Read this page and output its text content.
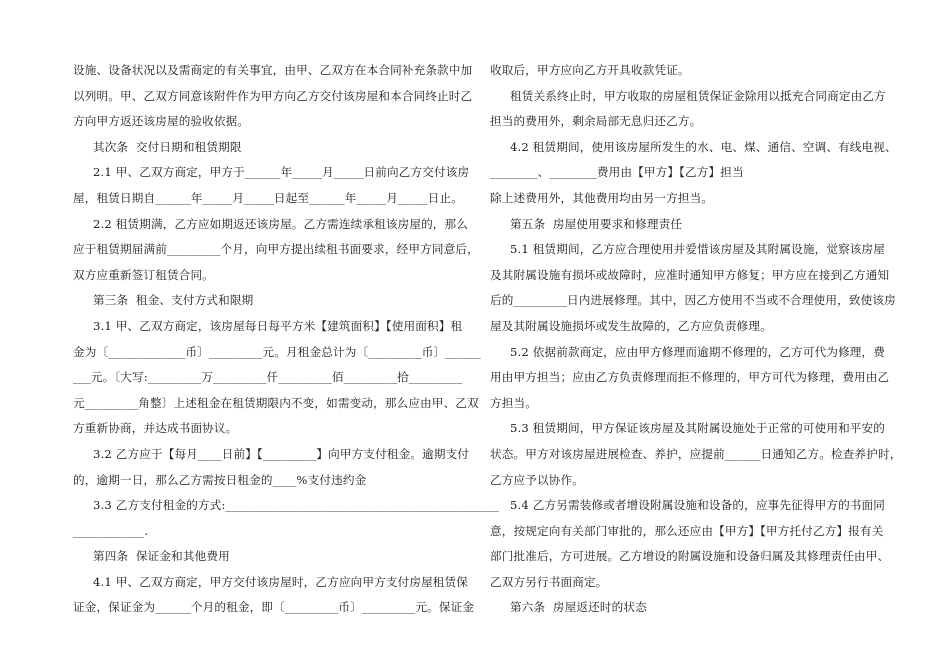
设施、设备状况以及需商定的有关事宜，由甲、乙双方在本合同补充条款中加
以列明。甲、乙双方同意该附件作为甲方向乙方交付该房屋和本合同终止时乙
方向甲方返还该房屋的验收依据。
其次条  交付日期和租赁期限
2.1 甲、乙双方商定，甲方于______年_____月_____日前向乙方交付该房
屋，租赁日期自______年_____月_____日起至______年_____月_____日止。
2.2 租赁期满，乙方应如期返还该房屋。乙方需连续承租该房屋的，那么
应于租赁期届满前_________个月，向甲方提出续租书面要求，经甲方同意后，
双方应重新签订租赁合同。
第三条  租金、支付方式和限期
3.1 甲、乙双方商定，该房屋每日每平方米【建筑面积】【使用面积】租
金为〔_____________币〕_________元。月租金总计为〔_________币〕______
___元。〔大写:_________万_________仟_________佰_________拾_________
元_________角整〕上述租金在租赁期限内不变，如需变动，那么应由甲、乙双
方重新协商，并达成书面协议。
3.2 乙方应于【每月____日前】【_________】向甲方支付租金。逾期支付
的，逾期一日，那么乙方需按日租金的____%支付违约金
3.3 乙方支付租金的方式:______________________________________________
____________.
第四条  保证金和其他费用
4.1 甲、乙双方商定，甲方交付该房屋时，乙方应向甲方支付房屋租赁保
证金，保证金为______个月的租金，即〔_________币〕_________元。保证金
收取后，甲方应向乙方开具收款凭证。
租赁关系终止时，甲方收取的房屋租赁保证金除用以抵充合同商定由乙方
担当的费用外，剩余局部无息归还乙方。
4.2 租赁期间，使用该房屋所发生的水、电、煤、通信、空调、有线电视、
________、________费用由【甲方】【乙方】担当
除上述费用外，其他费用均由另一方担当。
第五条  房屋使用要求和修理责任
5.1 租赁期间，乙方应合理使用并爱惜该房屋及其附属设施，觉察该房屋
及其附属设施有损坏或故障时，应准时通知甲方修复；甲方应在接到乙方通知
后的_________日内进展修理。其中，因乙方使用不当或不合理使用，致使该房
屋及其附属设施损坏或发生故障的，乙方应负责修理。
5.2 依据前款商定，应由甲方修理而逾期不修理的，乙方可代为修理，费
用由甲方担当；应由乙方负责修理而拒不修理的，甲方可代为修理，费用由乙
方担当。
5.3 租赁期间，甲方保证该房屋及其附属设施处于正常的可使用和平安的
状态。甲方对该房屋进展检查、养护，应提前______日通知乙方。检查养护时，
乙方应予以协作。
5.4 乙方另需装修或者增设附属设施和设备的，应事先征得甲方的书面同
意，按规定向有关部门审批的，那么还应由【甲方】【甲方托付乙方】报有关
部门批准后，方可进展。乙方增设的附属设施和设备归属及其修理责任由甲、
乙双方另行书面商定。
第六条  房屋返还时的状态
